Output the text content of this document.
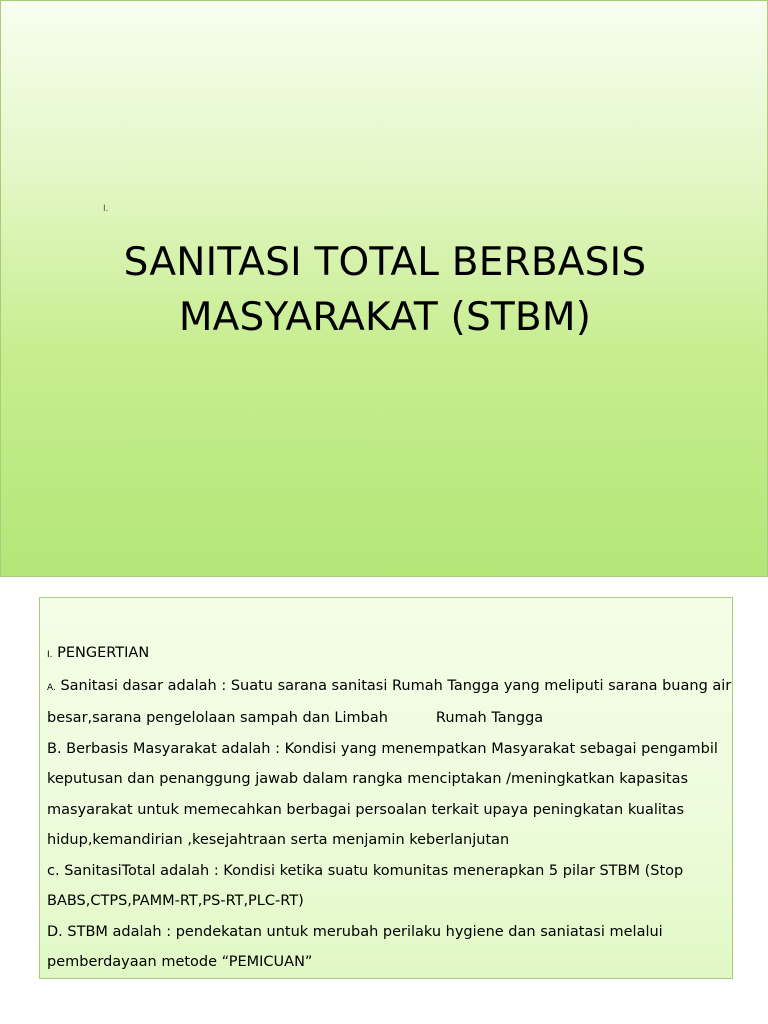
I.
SANITASI TOTAL BERBASIS
MASYARAKAT (STBM)
I. PENGERTIAN
A. Sanitasi dasar adalah : Suatu sarana sanitasi Rumah Tangga yang meliputi sarana buang air
besar,sarana pengelolaan sampah dan Limbah	Rumah Tangga
B. Berbasis Masyarakat adalah : Kondisi yang menempatkan Masyarakat sebagai pengambil
keputusan dan penanggung jawab dalam rangka menciptakan /meningkatkan kapasitas
masyarakat untuk memecahkan berbagai persoalan terkait upaya peningkatan kualitas
hidup,kemandirian ,kesejahtraan serta menjamin keberlanjutan
c. SanitasiTotal adalah : Kondisi ketika suatu komunitas menerapkan 5 pilar STBM (Stop
BABS,CTPS,PAMM-RT,PS-RT,PLC-RT)
D. STBM adalah : pendekatan untuk merubah perilaku hygiene dan saniatasi melalui
pemberdayaan metode “PEMICUAN”
